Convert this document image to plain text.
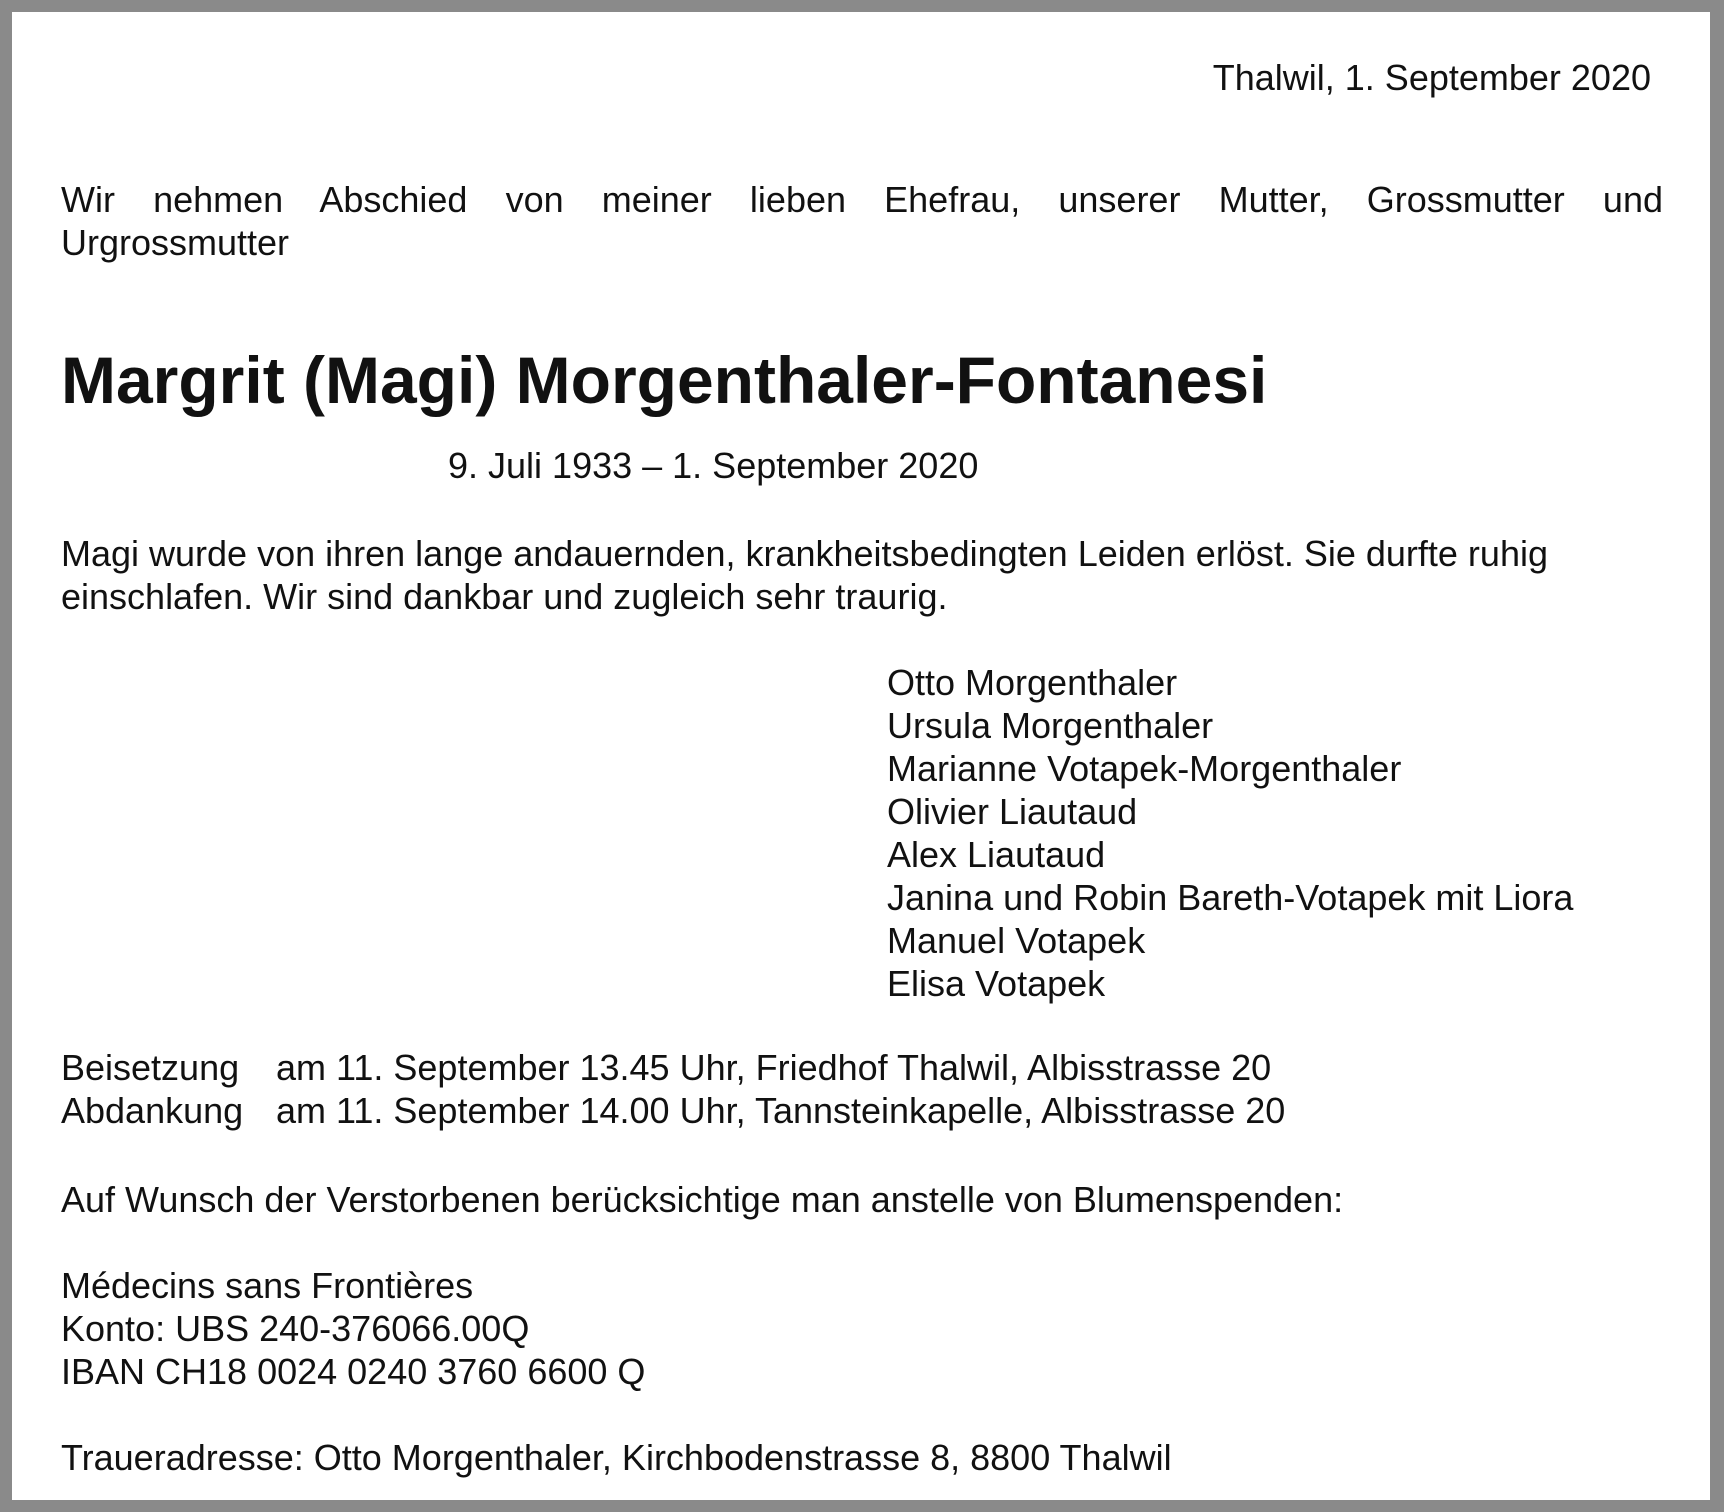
Thalwil, 1. September 2020
Wir nehmen Abschied von meiner lieben Ehefrau, unserer Mutter, Grossmutter und
Urgrossmutter
Margrit (Magi) Morgenthaler-Fontanesi
9. Juli 1933 – 1. September 2020
Magi wurde von ihren lange andauernden, krankheitsbedingten Leiden erlöst. Sie durfte ruhig
einschlafen. Wir sind dankbar und zugleich sehr traurig.
Otto Morgenthaler
Ursula Morgenthaler
Marianne Votapek-Morgenthaler
Olivier Liautaud
Alex Liautaud
Janina und Robin Bareth-Votapek mit Liora
Manuel Votapek
Elisa Votapek
Beisetzung	am 11. September 13.45 Uhr, Friedhof Thalwil, Albisstrasse 20
Abdankung am 11. September 14.00 Uhr, Tannsteinkapelle, Albisstrasse 20
Auf Wunsch der Verstorbenen berücksichtige man anstelle von Blumenspenden:
Médecins sans Frontières
Konto: UBS 240-376066.00Q
IBAN CH18 0024 0240 3760 6600 Q
Traueradresse: Otto Morgenthaler, Kirchbodenstrasse 8, 8800 Thalwil
